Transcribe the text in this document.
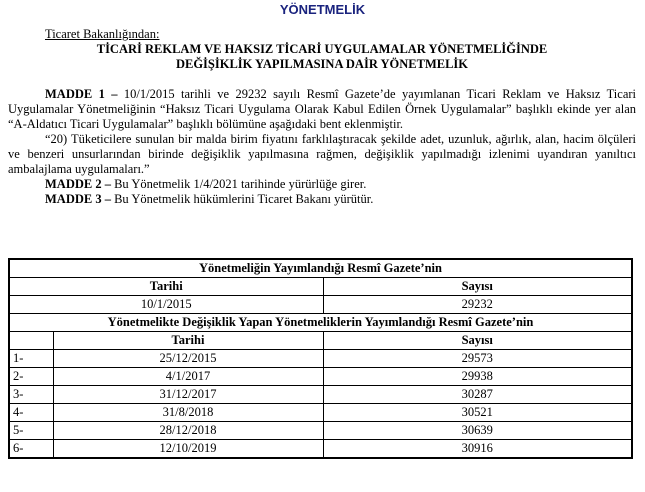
YÖNETMELİK
Ticaret Bakanlığından:
TİCARİ REKLAM VE HAKSIZ TİCARİ UYGULAMALAR YÖNETMELİĞİNDE
DEĞİŞİKLİK YAPILMASINA DAİR YÖNETMELİK

MADDE 1 – 10/1/2015 tarihli ve 29232 sayılı Resmî Gazete’de yayımlanan Ticari Reklam ve Haksız Ticari Uygulamalar Yönetmeliğinin “Haksız Ticari Uygulama Olarak Kabul Edilen Örnek Uygulamalar” başlıklı ekinde yer alan “A-Aldatıcı Ticari Uygulamalar” başlıklı bölümüne aşağıdaki bent eklenmiştir.

“20) Tüketicilere sunulan bir malda birim fiyatını farklılaştıracak şekilde adet, uzunluk, ağırlık, alan, hacim ölçüleri ve benzeri unsurlarından birinde değişiklik yapılmasına rağmen, değişiklik yapılmadığı izlenimi uyandıran yanıltıcı ambalajlama uygulamaları.”

MADDE 2 – Bu Yönetmelik 1/4/2021 tarihinde yürürlüğe girer.

MADDE 3 – Bu Yönetmelik hükümlerini Ticaret Bakanı yürütür.

Yönetmeliğin Yayımlandığı Resmî Gazete’nin		
Tarihi		Sayısı
10/1/2015		29232
Yönetmelikte Değişiklik Yapan Yönetmeliklerin Yayımlandığı Resmî Gazete’nin		
	Tarihi	Sayısı
1-	25/12/2015	29573
2-	4/1/2017	29938
3-	31/12/2017	30287
4-	31/8/2018	30521
5-	28/12/2018	30639
6-	12/10/2019	30916
